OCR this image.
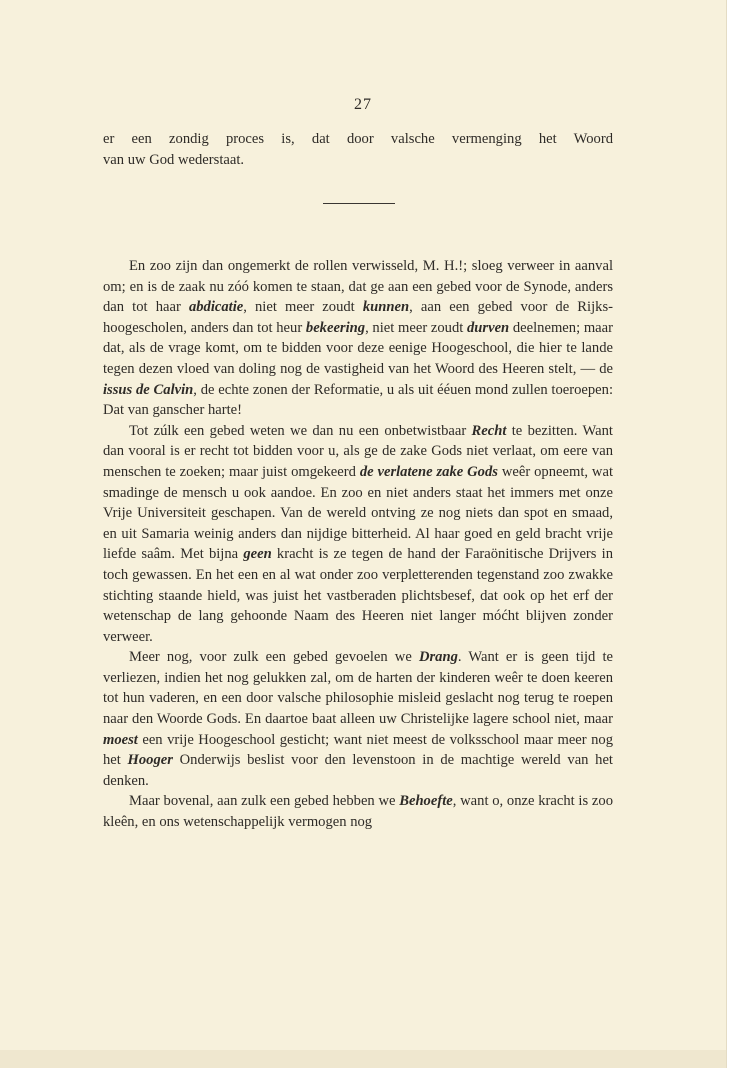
27

er een zondig proces is, dat door valsche vermenging het Woord

van uw God wederstaat.

En zoo zijn dan ongemerkt de rollen verwisseld, M. H.!; sloeg verweer in aanval om; en is de zaak nu zóó komen te staan, dat ge aan een gebed voor de Synode, anders dan tot haar abdicatie, niet meer zoudt kunnen, aan een gebed voor de Rijks-hoogescholen, anders dan tot heur bekeering, niet meer zoudt durven deelnemen; maar dat, als de vrage komt, om te bidden voor deze eenige Hoogeschool, die hier te lande tegen dezen vloed van doling nog de vastigheid van het Woord des Heeren stelt, — de issus de Calvin, de echte zonen der Reformatie, u als uit ééuen mond zullen toeroepen: Dat van ganscher harte!

Tot zúlk een gebed weten we dan nu een onbetwistbaar Recht te bezitten. Want dan vooral is er recht tot bidden voor u, als ge de zake Gods niet verlaat, om eere van menschen te zoeken; maar juist omgekeerd de verlatene zake Gods weêr opneemt, wat smadinge de mensch u ook aandoe. En zoo en niet anders staat het immers met onze Vrije Universiteit geschapen. Van de wereld ontving ze nog niets dan spot en smaad, en uit Samaria weinig anders dan nijdige bitterheid. Al haar goed en geld bracht vrije liefde saâm. Met bijna geen kracht is ze tegen de hand der Faraönitische Drijvers in toch gewassen. En het een en al wat onder zoo verpletterenden tegenstand zoo zwakke stichting staande hield, was juist het vastberaden plichtsbesef, dat ook op het erf der wetenschap de lang gehoonde Naam des Heeren niet langer móćht blijven zonder verweer.

Meer nog, voor zulk een gebed gevoelen we Drang. Want er is geen tijd te verliezen, indien het nog gelukken zal, om de harten der kinderen weêr te doen keeren tot hun vaderen, en een door valsche philosophie misleid geslacht nog terug te roepen naar den Woorde Gods. En daartoe baat alleen uw Christelijke lagere school niet, maar moest een vrije Hoogeschool gesticht; want niet meest de volksschool maar meer nog het Hooger Onderwijs beslist voor den levenstoon in de machtige wereld van het denken.

Maar bovenal, aan zulk een gebed hebben we Behoefte, want o, onze kracht is zoo kleên, en ons wetenschappelijk vermogen nog
